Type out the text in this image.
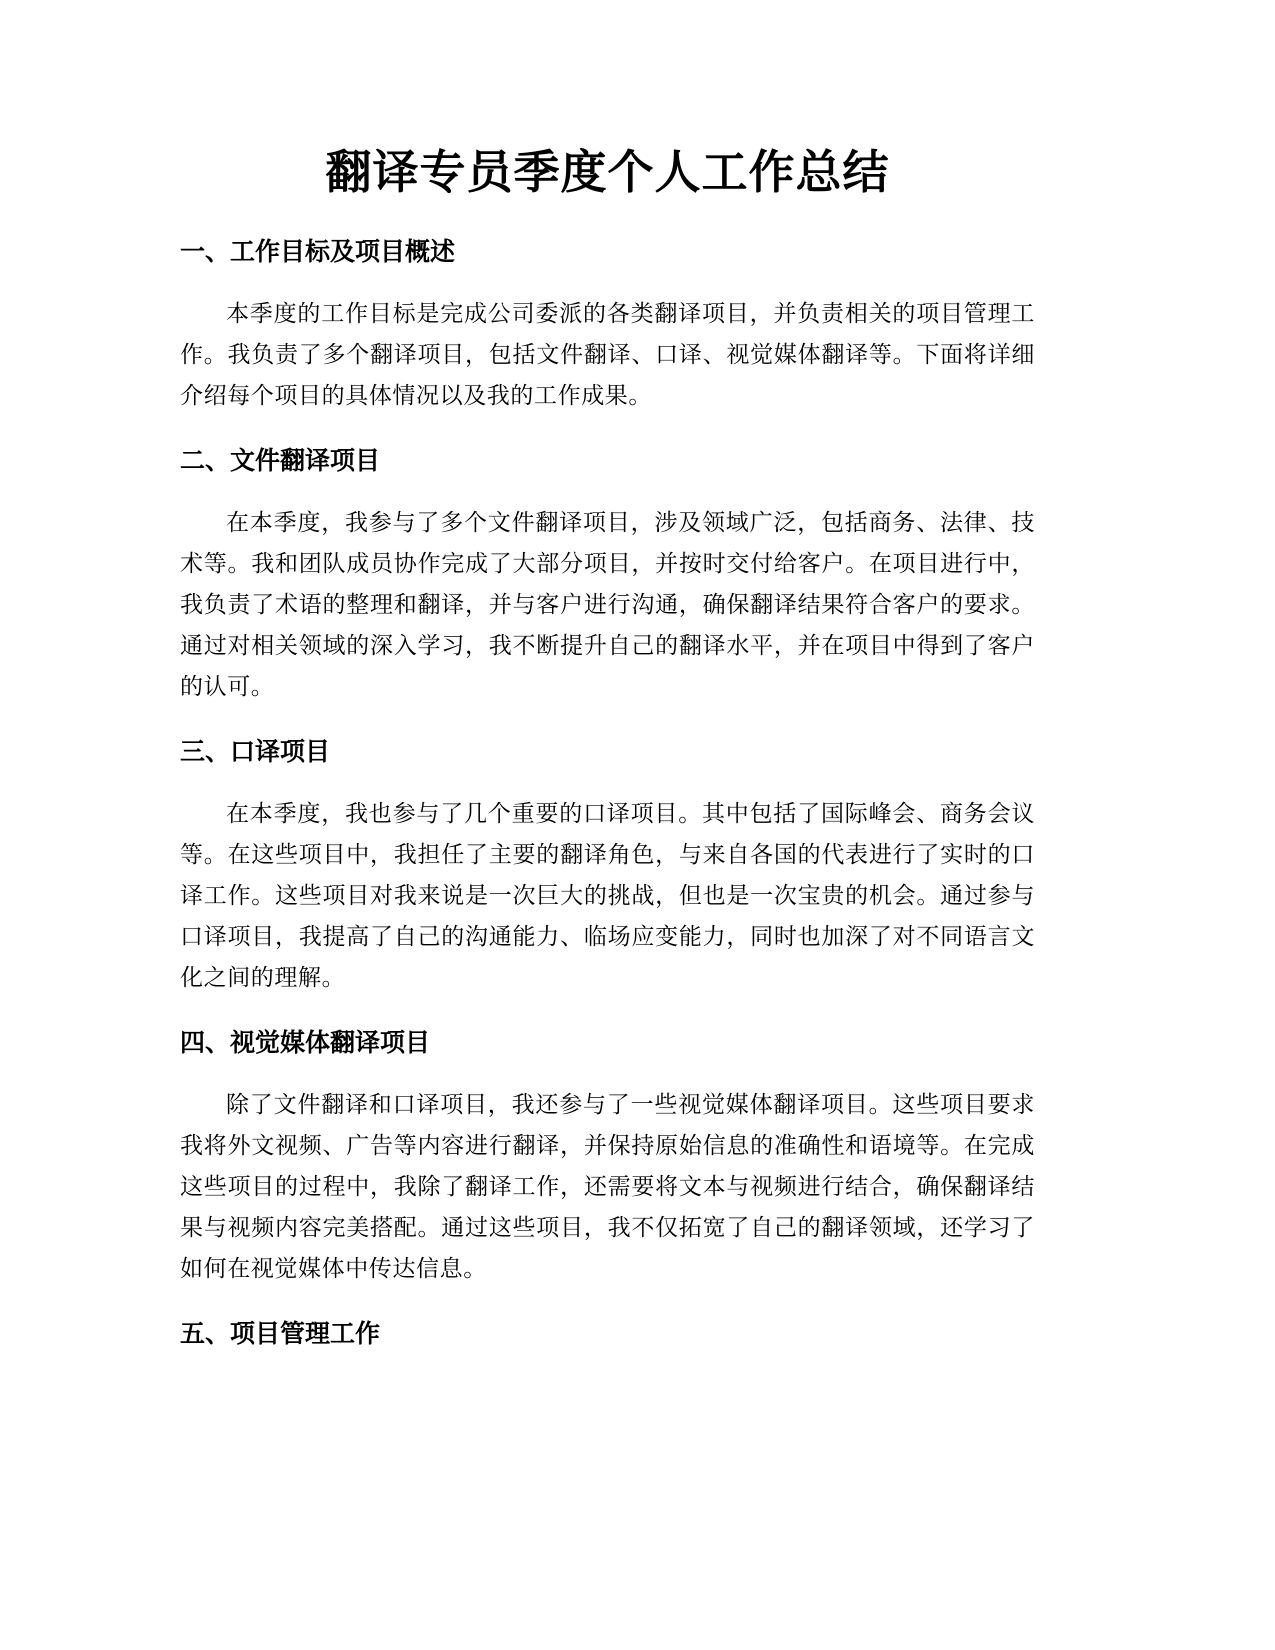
翻译专员季度个人工作总结
一、工作目标及项目概述

本季度的工作目标是完成公司委派的各类翻译项目，并负责相关的项目管理工作。我负责了多个翻译项目，包括文件翻译、口译、视觉媒体翻译等。下面将详细介绍每个项目的具体情况以及我的工作成果。

二、文件翻译项目

在本季度，我参与了多个文件翻译项目，涉及领域广泛，包括商务、法律、技术等。我和团队成员协作完成了大部分项目，并按时交付给客户。在项目进行中，我负责了术语的整理和翻译，并与客户进行沟通，确保翻译结果符合客户的要求。通过对相关领域的深入学习，我不断提升自己的翻译水平，并在项目中得到了客户的认可。

三、口译项目

在本季度，我也参与了几个重要的口译项目。其中包括了国际峰会、商务会议等。在这些项目中，我担任了主要的翻译角色，与来自各国的代表进行了实时的口译工作。这些项目对我来说是一次巨大的挑战，但也是一次宝贵的机会。通过参与口译项目，我提高了自己的沟通能力、临场应变能力，同时也加深了对不同语言文化之间的理解。

四、视觉媒体翻译项目

除了文件翻译和口译项目，我还参与了一些视觉媒体翻译项目。这些项目要求我将外文视频、广告等内容进行翻译，并保持原始信息的准确性和语境等。在完成这些项目的过程中，我除了翻译工作，还需要将文本与视频进行结合，确保翻译结果与视频内容完美搭配。通过这些项目，我不仅拓宽了自己的翻译领域，还学习了如何在视觉媒体中传达信息。

五、项目管理工作
